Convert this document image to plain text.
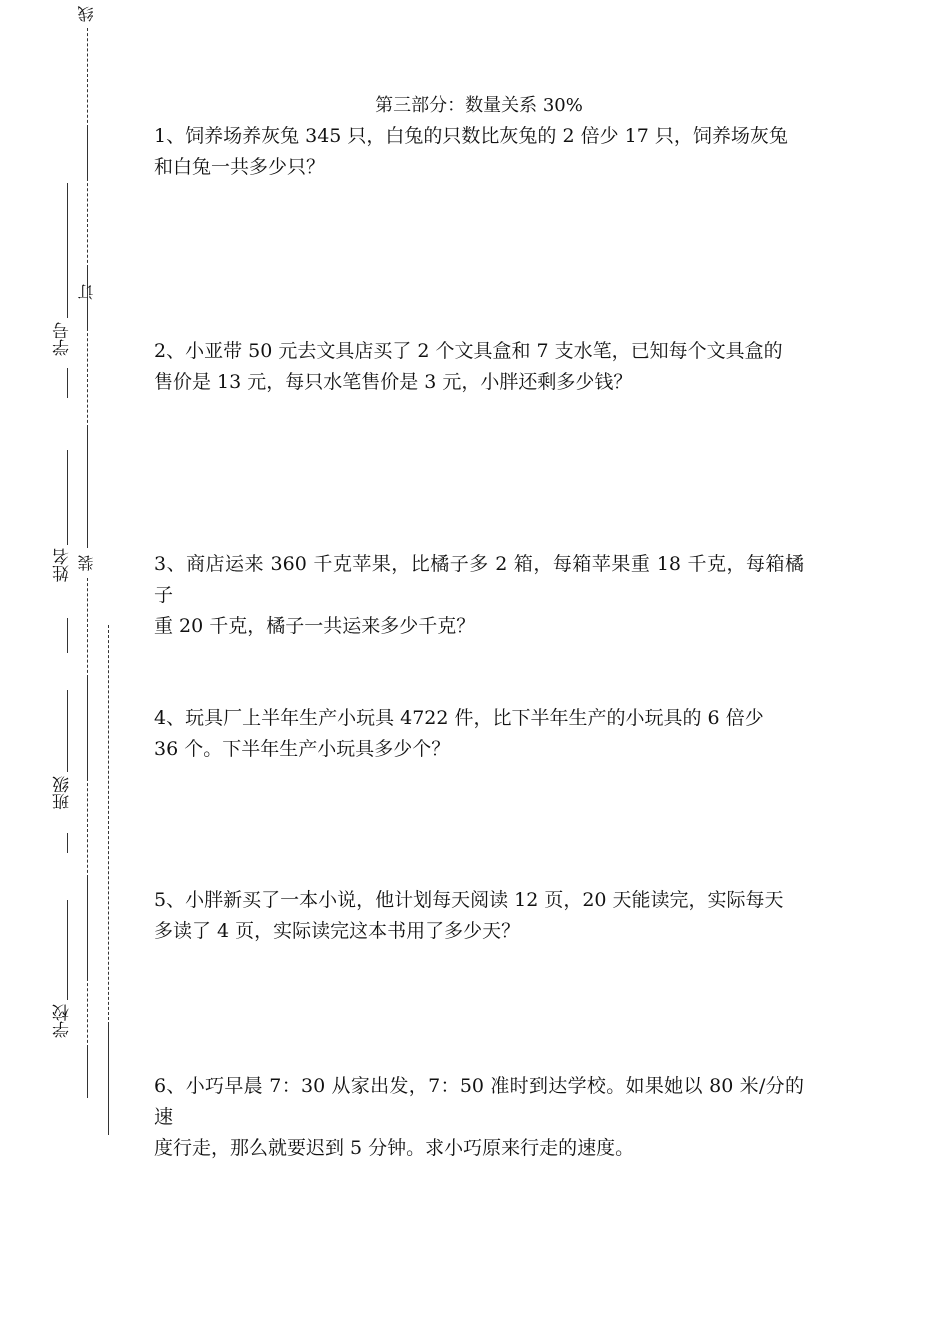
线
订
装
学号
姓名
班级
学校
第三部分：数量关系 30%
1、饲养场养灰兔 345 只，白兔的只数比灰兔的 2 倍少 17 只，饲养场灰兔
和白兔一共多少只？
2、小亚带 50 元去文具店买了 2 个文具盒和 7 支水笔，已知每个文具盒的
售价是 13 元，每只水笔售价是 3 元，小胖还剩多少钱？
3、商店运来 360 千克苹果，比橘子多 2 箱，每箱苹果重 18 千克，每箱橘子
重 20 千克，橘子一共运来多少千克？
4、玩具厂上半年生产小玩具 4722 件，比下半年生产的小玩具的 6 倍少
36 个。下半年生产小玩具多少个？
5、小胖新买了一本小说，他计划每天阅读 12 页，20 天能读完，实际每天
多读了 4 页，实际读完这本书用了多少天？
6、小巧早晨 7：30 从家出发，7：50 准时到达学校。如果她以 80 米/分的速
度行走，那么就要迟到 5 分钟。求小巧原来行走的速度。
